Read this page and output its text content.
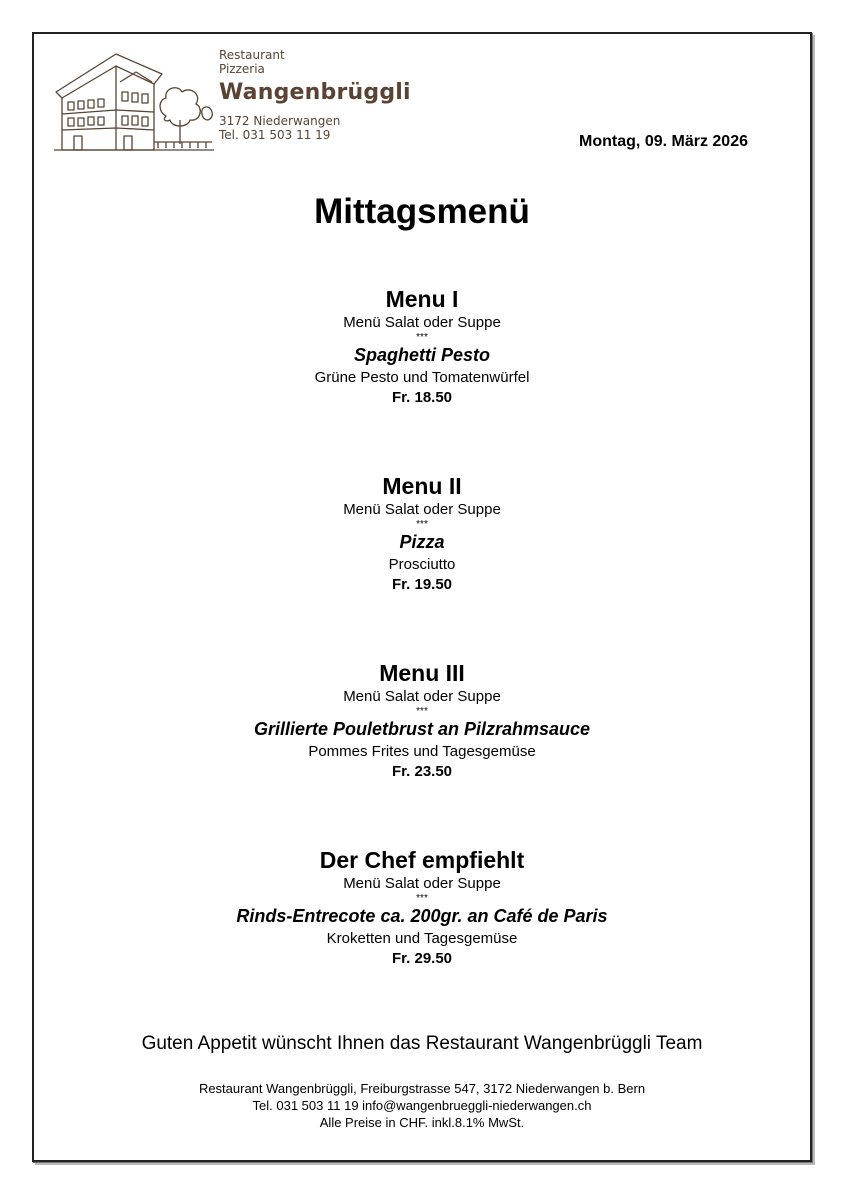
Restaurant
Pizzeria
Wangenbrüggli
3172 Niederwangen
Tel. 031 503 11 19	Montag, 09. März 2026
Mittagsmenü
Menu I
Menü Salat oder Suppe
***
Spaghetti Pesto
Grüne Pesto und Tomatenwürfel
Fr. 18.50
Menu II
Menü Salat oder Suppe
***
Pizza
Prosciutto
Fr. 19.50
Menu III
Menü Salat oder Suppe
***
Grillierte Pouletbrust an Pilzrahmsauce
Pommes Frites und Tagesgemüse
Fr. 23.50
Der Chef empfiehlt
Menü Salat oder Suppe
***
Rinds-Entrecote ca. 200gr. an Café de Paris
Kroketten und Tagesgemüse
Fr. 29.50
Guten Appetit wünscht Ihnen das Restaurant Wangenbrüggli Team
Restaurant Wangenbrüggli, Freiburgstrasse 547, 3172 Niederwangen b. Bern
Tel. 031 503 11 19 info@wangenbrueggli-niederwangen.ch
Alle Preise in CHF. inkl.8.1% MwSt.
